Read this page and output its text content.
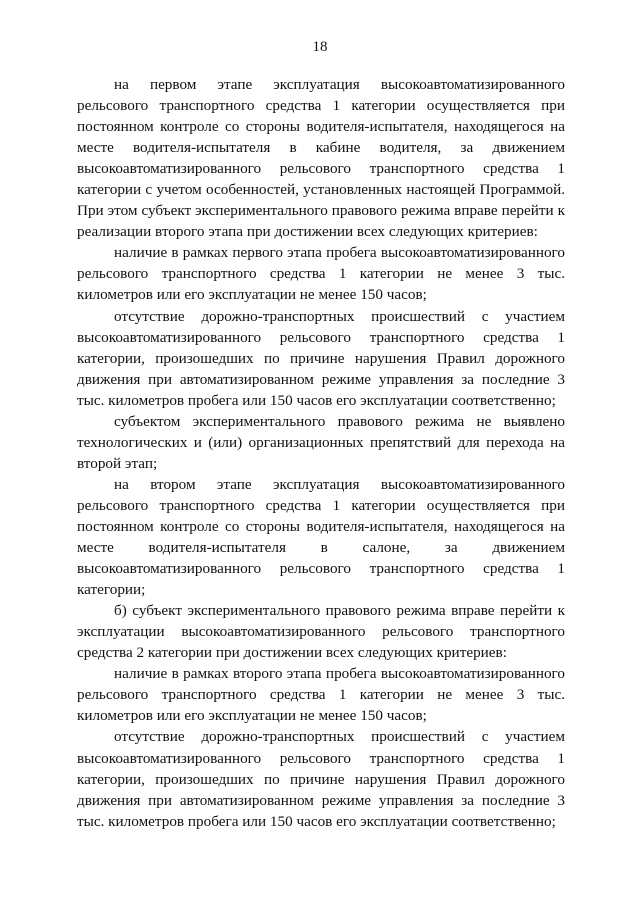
18

на первом этапе эксплуатация высокоавтоматизированного рельсового транспортного средства 1 категории осуществляется при постоянном контроле со стороны водителя-испытателя, находящегося на месте водителя-испытателя в кабине водителя, за движением высокоавтоматизированного рельсового транспортного средства 1 категории с учетом особенностей, установленных настоящей Программой. При этом субъект экспериментального правового режима вправе перейти к реализации второго этапа при достижении всех следующих критериев:

наличие в рамках первого этапа пробега высокоавтоматизированного рельсового транспортного средства 1 категории не менее 3 тыс. километров или его эксплуатации не менее 150 часов;

отсутствие дорожно-транспортных происшествий с участием высокоавтоматизированного рельсового транспортного средства 1 категории, произошедших по причине нарушения Правил дорожного движения при автоматизированном режиме управления за последние 3 тыс. километров пробега или 150 часов его эксплуатации соответственно;

субъектом экспериментального правового режима не выявлено технологических и (или) организационных препятствий для перехода на второй этап;

на втором этапе эксплуатация высокоавтоматизированного рельсового транспортного средства 1 категории осуществляется при постоянном контроле со стороны водителя-испытателя, находящегося на месте водителя-испытателя в салоне, за движением высокоавтоматизированного рельсового транспортного средства 1 категории;

б) субъект экспериментального правового режима вправе перейти к эксплуатации высокоавтоматизированного рельсового транспортного средства 2 категории при достижении всех следующих критериев:

наличие в рамках второго этапа пробега высокоавтоматизированного рельсового транспортного средства 1 категории не менее 3 тыс. километров или его эксплуатации не менее 150 часов;

отсутствие дорожно-транспортных происшествий с участием высокоавтоматизированного рельсового транспортного средства 1 категории, произошедших по причине нарушения Правил дорожного движения при автоматизированном режиме управления за последние 3 тыс. километров пробега или 150 часов его эксплуатации соответственно;
